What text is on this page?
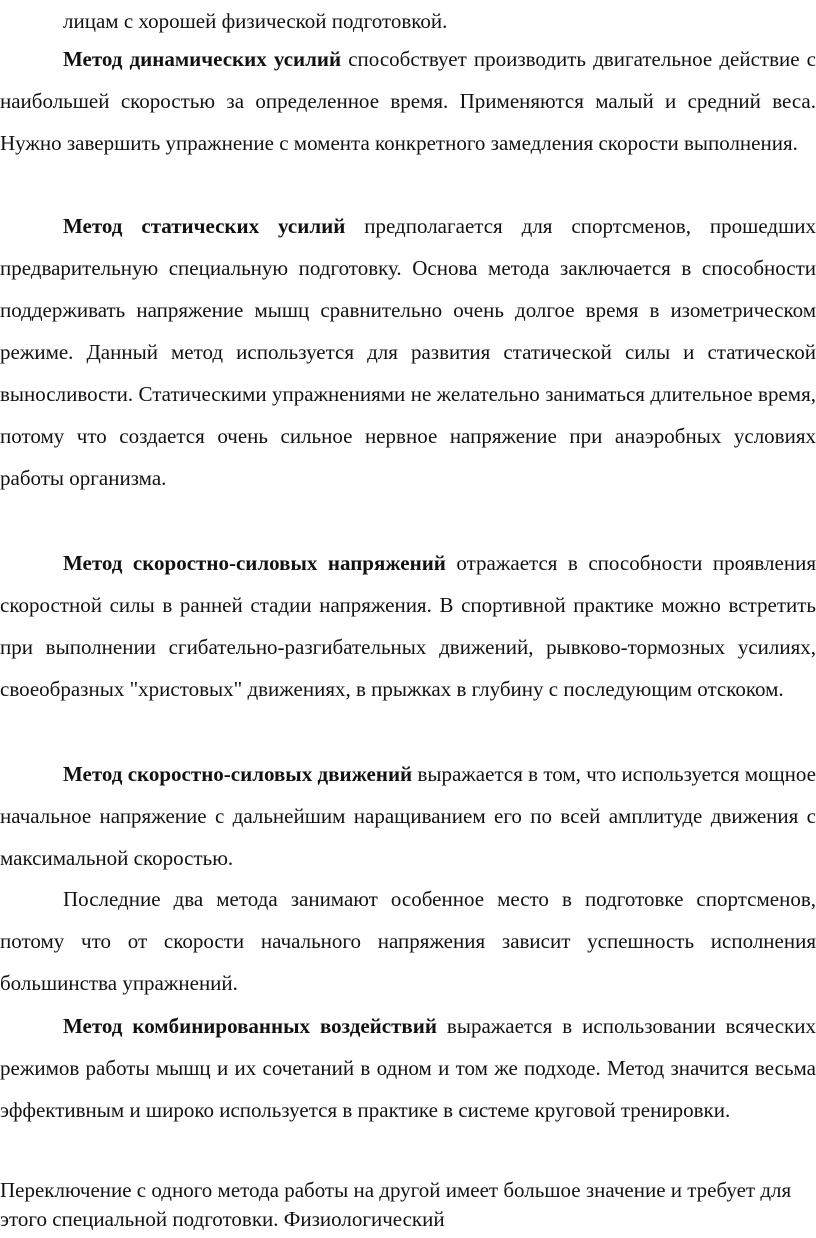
лицам с хорошей физической подготовкой.

Метод динамических усилий способствует производить двигательное действие с наибольшей скоростью за определенное время. Применяются малый и средний веса. Нужно завершить упражнение с момента конкретного замедления скорости выполнения.

Метод статических усилий предполагается для спортсменов, прошедших предварительную специальную подготовку. Основа метода заключается в способности поддерживать напряжение мышц сравнительно очень долгое время в изометрическом режиме. Данный метод используется для развития статической силы и статической выносливости. Статическими упражнениями не желательно заниматься длительное время, потому что создается очень сильное нервное напряжение при анаэробных условиях работы организма.

Метод скоростно-силовых напряжений отражается в способности проявления скоростной силы в ранней стадии напряжения. В спортивной практике можно встретить при выполнении сгибательно-разгибательных движений, рывково-тормозных усилиях, своеобразных "христовых" движениях, в прыжках в глубину с последующим отскоком.

Метод скоростно-силовых движений выражается в том, что используется мощное начальное напряжение с дальнейшим наращиванием его по всей амплитуде движения с максимальной скоростью.

Последние два метода занимают особенное место в подготовке спортсменов, потому что от скорости начального напряжения зависит успешность исполнения большинства упражнений.

Метод комбинированных воздействий выражается в использовании всяческих режимов работы мышц и их сочетаний в одном и том же подходе. Метод значится весьма эффективным и широко используется в практике в системе круговой тренировки.

Переключение с одного метода работы на другой имеет большое значение и требует для этого специальной подготовки. Физиологический
